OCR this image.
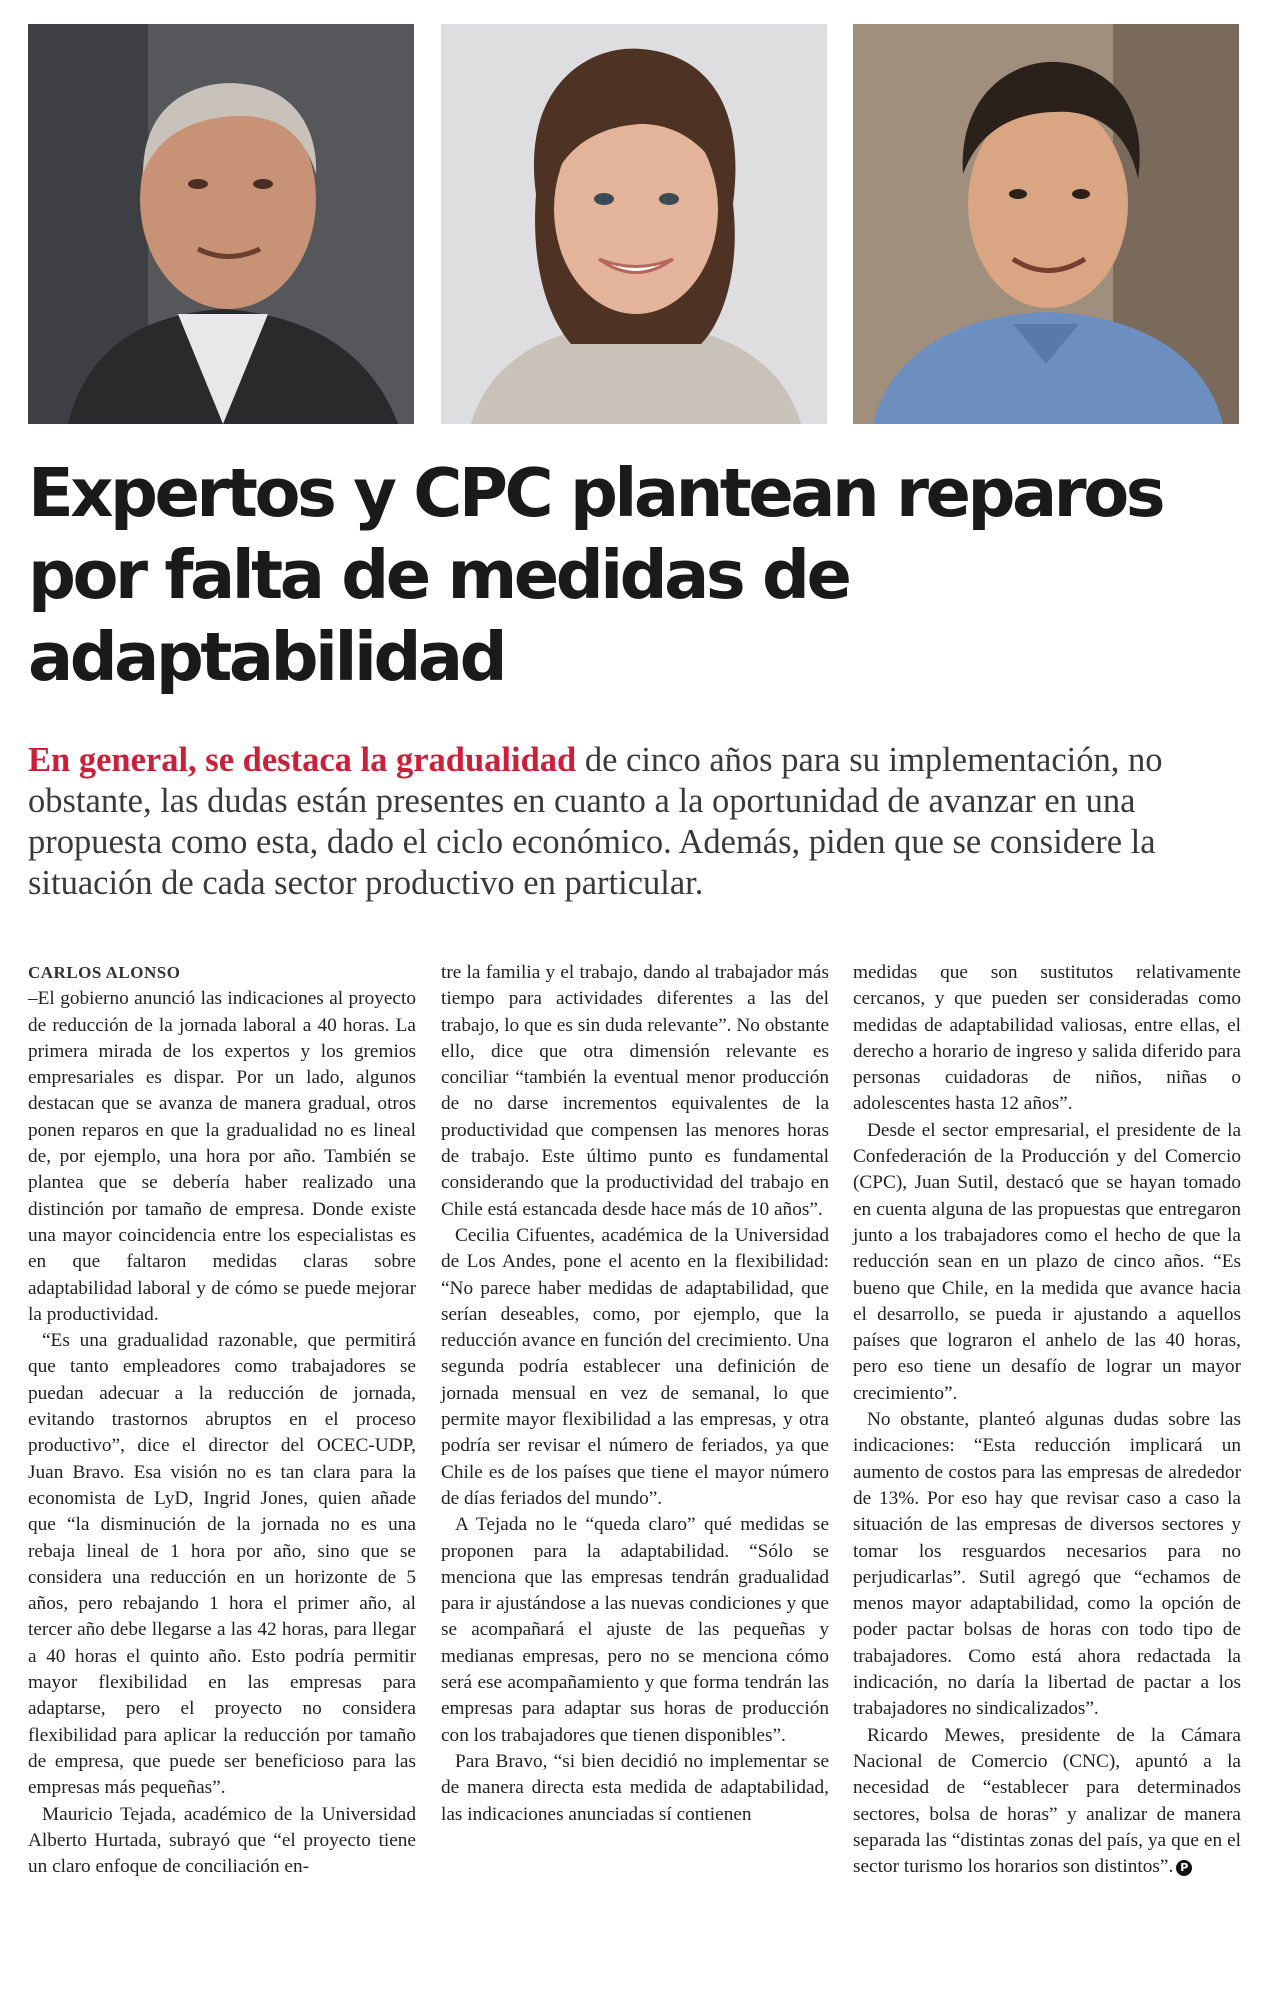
Expertos y CPC plantean reparos por falta de medidas de adaptabilidad

En general, se destaca la gradualidad de cinco años para su implementación, no obstante, las dudas están presentes en cuanto a la oportunidad de avanzar en una propuesta como esta, dado el ciclo económico. Además, piden que se considere la situación de cada sector productivo en particular.

CARLOS ALONSO

–El gobierno anunció las indicaciones al proyecto de reducción de la jornada laboral a 40 horas. La primera mirada de los expertos y los gremios empresariales es dispar. Por un lado, algunos destacan que se avanza de manera gradual, otros ponen reparos en que la gradualidad no es lineal de, por ejemplo, una hora por año. También se plantea que se debería haber realizado una distinción por tamaño de empresa. Donde existe una mayor coincidencia entre los especialistas es en que faltaron medidas claras sobre adaptabilidad laboral y de cómo se puede mejorar la productividad.

“Es una gradualidad razonable, que permitirá que tanto empleadores como trabajadores se puedan adecuar a la reducción de jornada, evitando trastornos abruptos en el proceso productivo”, dice el director del OCEC-UDP, Juan Bravo. Esa visión no es tan clara para la economista de LyD, Ingrid Jones, quien añade que “la disminución de la jornada no es una rebaja lineal de 1 hora por año, sino que se considera una reducción en un horizonte de 5 años, pero rebajando 1 hora el primer año, al tercer año debe llegarse a las 42 horas, para llegar a 40 horas el quinto año. Esto podría permitir mayor flexibilidad en las empresas para adaptarse, pero el proyecto no considera flexibilidad para aplicar la reducción por tamaño de empresa, que puede ser beneficioso para las empresas más pequeñas”.

Mauricio Tejada, académico de la Universidad Alberto Hurtada, subrayó que “el proyecto tiene un claro enfoque de conciliación en-

tre la familia y el trabajo, dando al trabajador más tiempo para actividades diferentes a las del trabajo, lo que es sin duda relevante”. No obstante ello, dice que otra dimensión relevante es conciliar “también la eventual menor producción de no darse incrementos equivalentes de la productividad que compensen las menores horas de trabajo. Este último punto es fundamental considerando que la productividad del trabajo en Chile está estancada desde hace más de 10 años”.

Cecilia Cifuentes, académica de la Universidad de Los Andes, pone el acento en la flexibilidad: “No parece haber medidas de adaptabilidad, que serían deseables, como, por ejemplo, que la reducción avance en función del crecimiento. Una segunda podría establecer una definición de jornada mensual en vez de semanal, lo que permite mayor flexibilidad a las empresas, y otra podría ser revisar el número de feriados, ya que Chile es de los países que tiene el mayor número de días feriados del mundo”.

A Tejada no le “queda claro” qué medidas se proponen para la adaptabilidad. “Sólo se menciona que las empresas tendrán gradualidad para ir ajustándose a las nuevas condiciones y que se acompañará el ajuste de las pequeñas y medianas empresas, pero no se menciona cómo será ese acompañamiento y que forma tendrán las empresas para adaptar sus horas de producción con los trabajadores que tienen disponibles”.

Para Bravo, “si bien decidió no implementar se de manera directa esta medida de adaptabilidad, las indicaciones anunciadas sí contienen

medidas que son sustitutos relativamente cercanos, y que pueden ser consideradas como medidas de adaptabilidad valiosas, entre ellas, el derecho a horario de ingreso y salida diferido para personas cuidadoras de niños, niñas o adolescentes hasta 12 años”.

Desde el sector empresarial, el presidente de la Confederación de la Producción y del Comercio (CPC), Juan Sutil, destacó que se hayan tomado en cuenta alguna de las propuestas que entregaron junto a los trabajadores como el hecho de que la reducción sean en un plazo de cinco años. “Es bueno que Chile, en la medida que avance hacia el desarrollo, se pueda ir ajustando a aquellos países que lograron el anhelo de las 40 horas, pero eso tiene un desafío de lograr un mayor crecimiento”.

No obstante, planteó algunas dudas sobre las indicaciones: “Esta reducción implicará un aumento de costos para las empresas de alrededor de 13%. Por eso hay que revisar caso a caso la situación de las empresas de diversos sectores y tomar los resguardos necesarios para no perjudicarlas”. Sutil agregó que “echamos de menos mayor adaptabilidad, como la opción de poder pactar bolsas de horas con todo tipo de trabajadores. Como está ahora redactada la indicación, no daría la libertad de pactar a los trabajadores no sindicalizados”.

Ricardo Mewes, presidente de la Cámara Nacional de Comercio (CNC), apuntó a la necesidad de “establecer para determinados sectores, bolsa de horas” y analizar de manera separada las “distintas zonas del país, ya que en el sector turismo los horarios son distintos”. P
